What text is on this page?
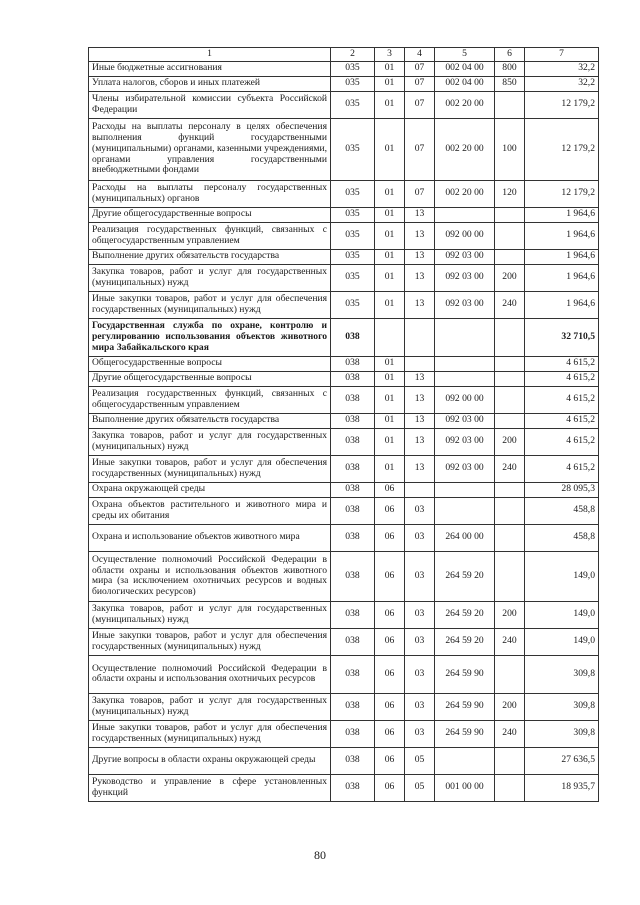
1	2	3	4	5	6	7
Иные бюджетные ассигнования	035	01	07	002 04 00	800	32,2
Уплата налогов, сборов и иных платежей	035	01	07	002 04 00	850	32,2
Члены избирательной комиссии субъекта Российской Федерации	035	01	07	002 20 00		12 179,2
Расходы на выплаты персоналу в целях обеспечения выполнения функций государственными (муниципальными) органами, казенными учреждениями, органами управления государственными внебюджетными фондами	035	01	07	002 20 00	100	12 179,2
Расходы на выплаты персоналу государственных (муниципальных) органов	035	01	07	002 20 00	120	12 179,2
Другие общегосударственные вопросы	035	01	13			1 964,6
Реализация государственных функций, связанных с общегосударственным управлением	035	01	13	092 00 00		1 964,6
Выполнение других обязательств государства	035	01	13	092 03 00		1 964,6
Закупка товаров, работ и услуг для государственных (муниципальных) нужд	035	01	13	092 03 00	200	1 964,6
Иные закупки товаров, работ и услуг для обеспечения государственных (муниципальных) нужд	035	01	13	092 03 00	240	1 964,6
Государственная служба по охране, контролю и регулированию использования объектов животного мира Забайкальского края	038					32 710,5
Общегосударственные вопросы	038	01				4 615,2
Другие общегосударственные вопросы	038	01	13			4 615,2
Реализация государственных функций, связанных с общегосударственным управлением	038	01	13	092 00 00		4 615,2
Выполнение других обязательств государства	038	01	13	092 03 00		4 615,2
Закупка товаров, работ и услуг для государственных (муниципальных) нужд	038	01	13	092 03 00	200	4 615,2
Иные закупки товаров, работ и услуг для обеспечения государственных (муниципальных) нужд	038	01	13	092 03 00	240	4 615,2
Охрана окружающей среды	038	06				28 095,3
Охрана объектов растительного и животного мира и среды их обитания	038	06	03			458,8
Охрана и использование объектов животного мира	038	06	03	264 00 00		458,8
Осуществление полномочий Российской Федерации в области охраны и использования объектов животного мира (за исключением охотничьих ресурсов и водных биологических ресурсов)	038	06	03	264 59 20		149,0
Закупка товаров, работ и услуг для государственных (муниципальных) нужд	038	06	03	264 59 20	200	149,0
Иные закупки товаров, работ и услуг для обеспечения государственных (муниципальных) нужд	038	06	03	264 59 20	240	149,0
Осуществление полномочий Российской Федерации в области охраны и использования охотничьих ресурсов	038	06	03	264 59 90		309,8
Закупка товаров, работ и услуг для государственных (муниципальных) нужд	038	06	03	264 59 90	200	309,8
Иные закупки товаров, работ и услуг для обеспечения государственных (муниципальных) нужд	038	06	03	264 59 90	240	309,8
Другие вопросы в области охраны окружающей среды	038	06	05			27 636,5
Руководство и управление в сфере установленных функций	038	06	05	001 00 00		18 935,7
80
